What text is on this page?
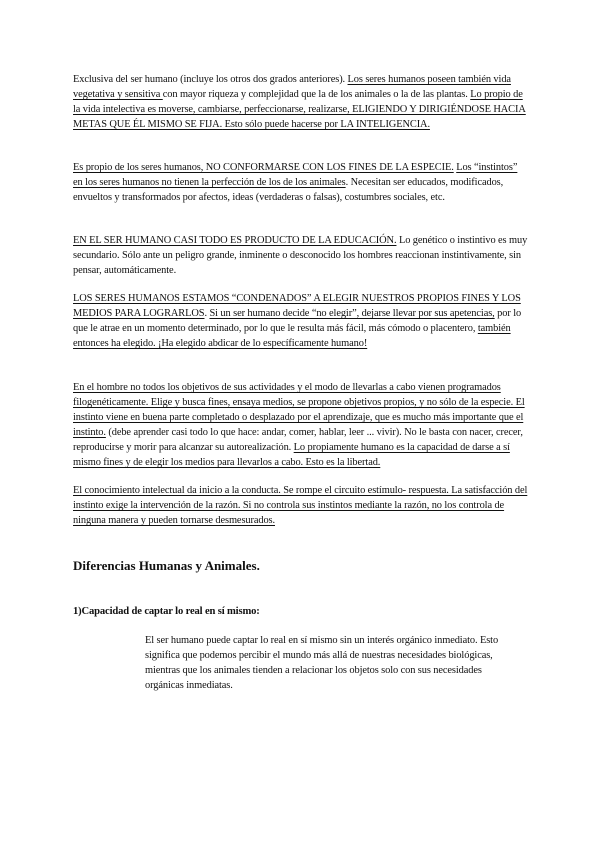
Exclusiva del ser humano (incluye los otros dos grados anteriores). Los seres humanos poseen también vida vegetativa y sensitiva con mayor riqueza y complejidad que la de los animales o la de las plantas. Lo propio de la vida intelectiva es moverse, cambiarse, perfeccionarse, realizarse, ELIGIENDO Y DIRIGIÉNDOSE HACIA METAS QUE ÉL MISMO SE FIJA. Esto sólo puede hacerse por LA INTELIGENCIA.

Es propio de los seres humanos, NO CONFORMARSE CON LOS FINES DE LA ESPECIE. Los “instintos” en los seres humanos no tienen la perfección de los de los animales. Necesitan ser educados, modificados, envueltos y transformados por afectos, ideas (verdaderas o falsas), costumbres sociales, etc.

EN EL SER HUMANO CASI TODO ES PRODUCTO DE LA EDUCACIÓN. Lo genético o instintivo es muy secundario. Sólo ante un peligro grande, inminente o desconocido los hombres reaccionan instintivamente, sin pensar, automáticamente.

LOS SERES HUMANOS ESTAMOS “CONDENADOS” A ELEGIR NUESTROS PROPIOS FINES Y LOS MEDIOS PARA LOGRARLOS. Si un ser humano decide “no elegir”, dejarse llevar por sus apetencias, por lo que le atrae en un momento determinado, por lo que le resulta más fácil, más cómodo o placentero, también entonces ha elegido. ¡Ha elegido abdicar de lo específicamente humano!

En el hombre no todos los objetivos de sus actividades y el modo de llevarlas a cabo vienen programados filogenéticamente. Elige y busca fines, ensaya medios, se propone objetivos propios, y no sólo de la especie. El instinto viene en buena parte completado o desplazado por el aprendizaje, que es mucho más importante que el instinto. (debe aprender casi todo lo que hace: andar, comer, hablar, leer ... vivir). No le basta con nacer, crecer, reproducirse y morir para alcanzar su autorealización. Lo propiamente humano es la capacidad de darse a sí mismo fines y de elegir los medios para llevarlos a cabo. Esto es la libertad.

El conocimiento intelectual da inicio a la conducta. Se rompe el circuito estímulo- respuesta. La satisfacción del instinto exige la intervención de la razón. Si no controla sus instintos mediante la razón, no los controla de ninguna manera y pueden tornarse desmesurados.

Diferencias Humanas y Animales.
1)Capacidad de captar lo real en sí mismo:

El ser humano puede captar lo real en sí mismo sin un interés orgánico inmediato. Esto significa que podemos percibir el mundo más allá de nuestras necesidades biológicas, mientras que los animales tienden a relacionar los objetos solo con sus necesidades orgánicas inmediatas.
